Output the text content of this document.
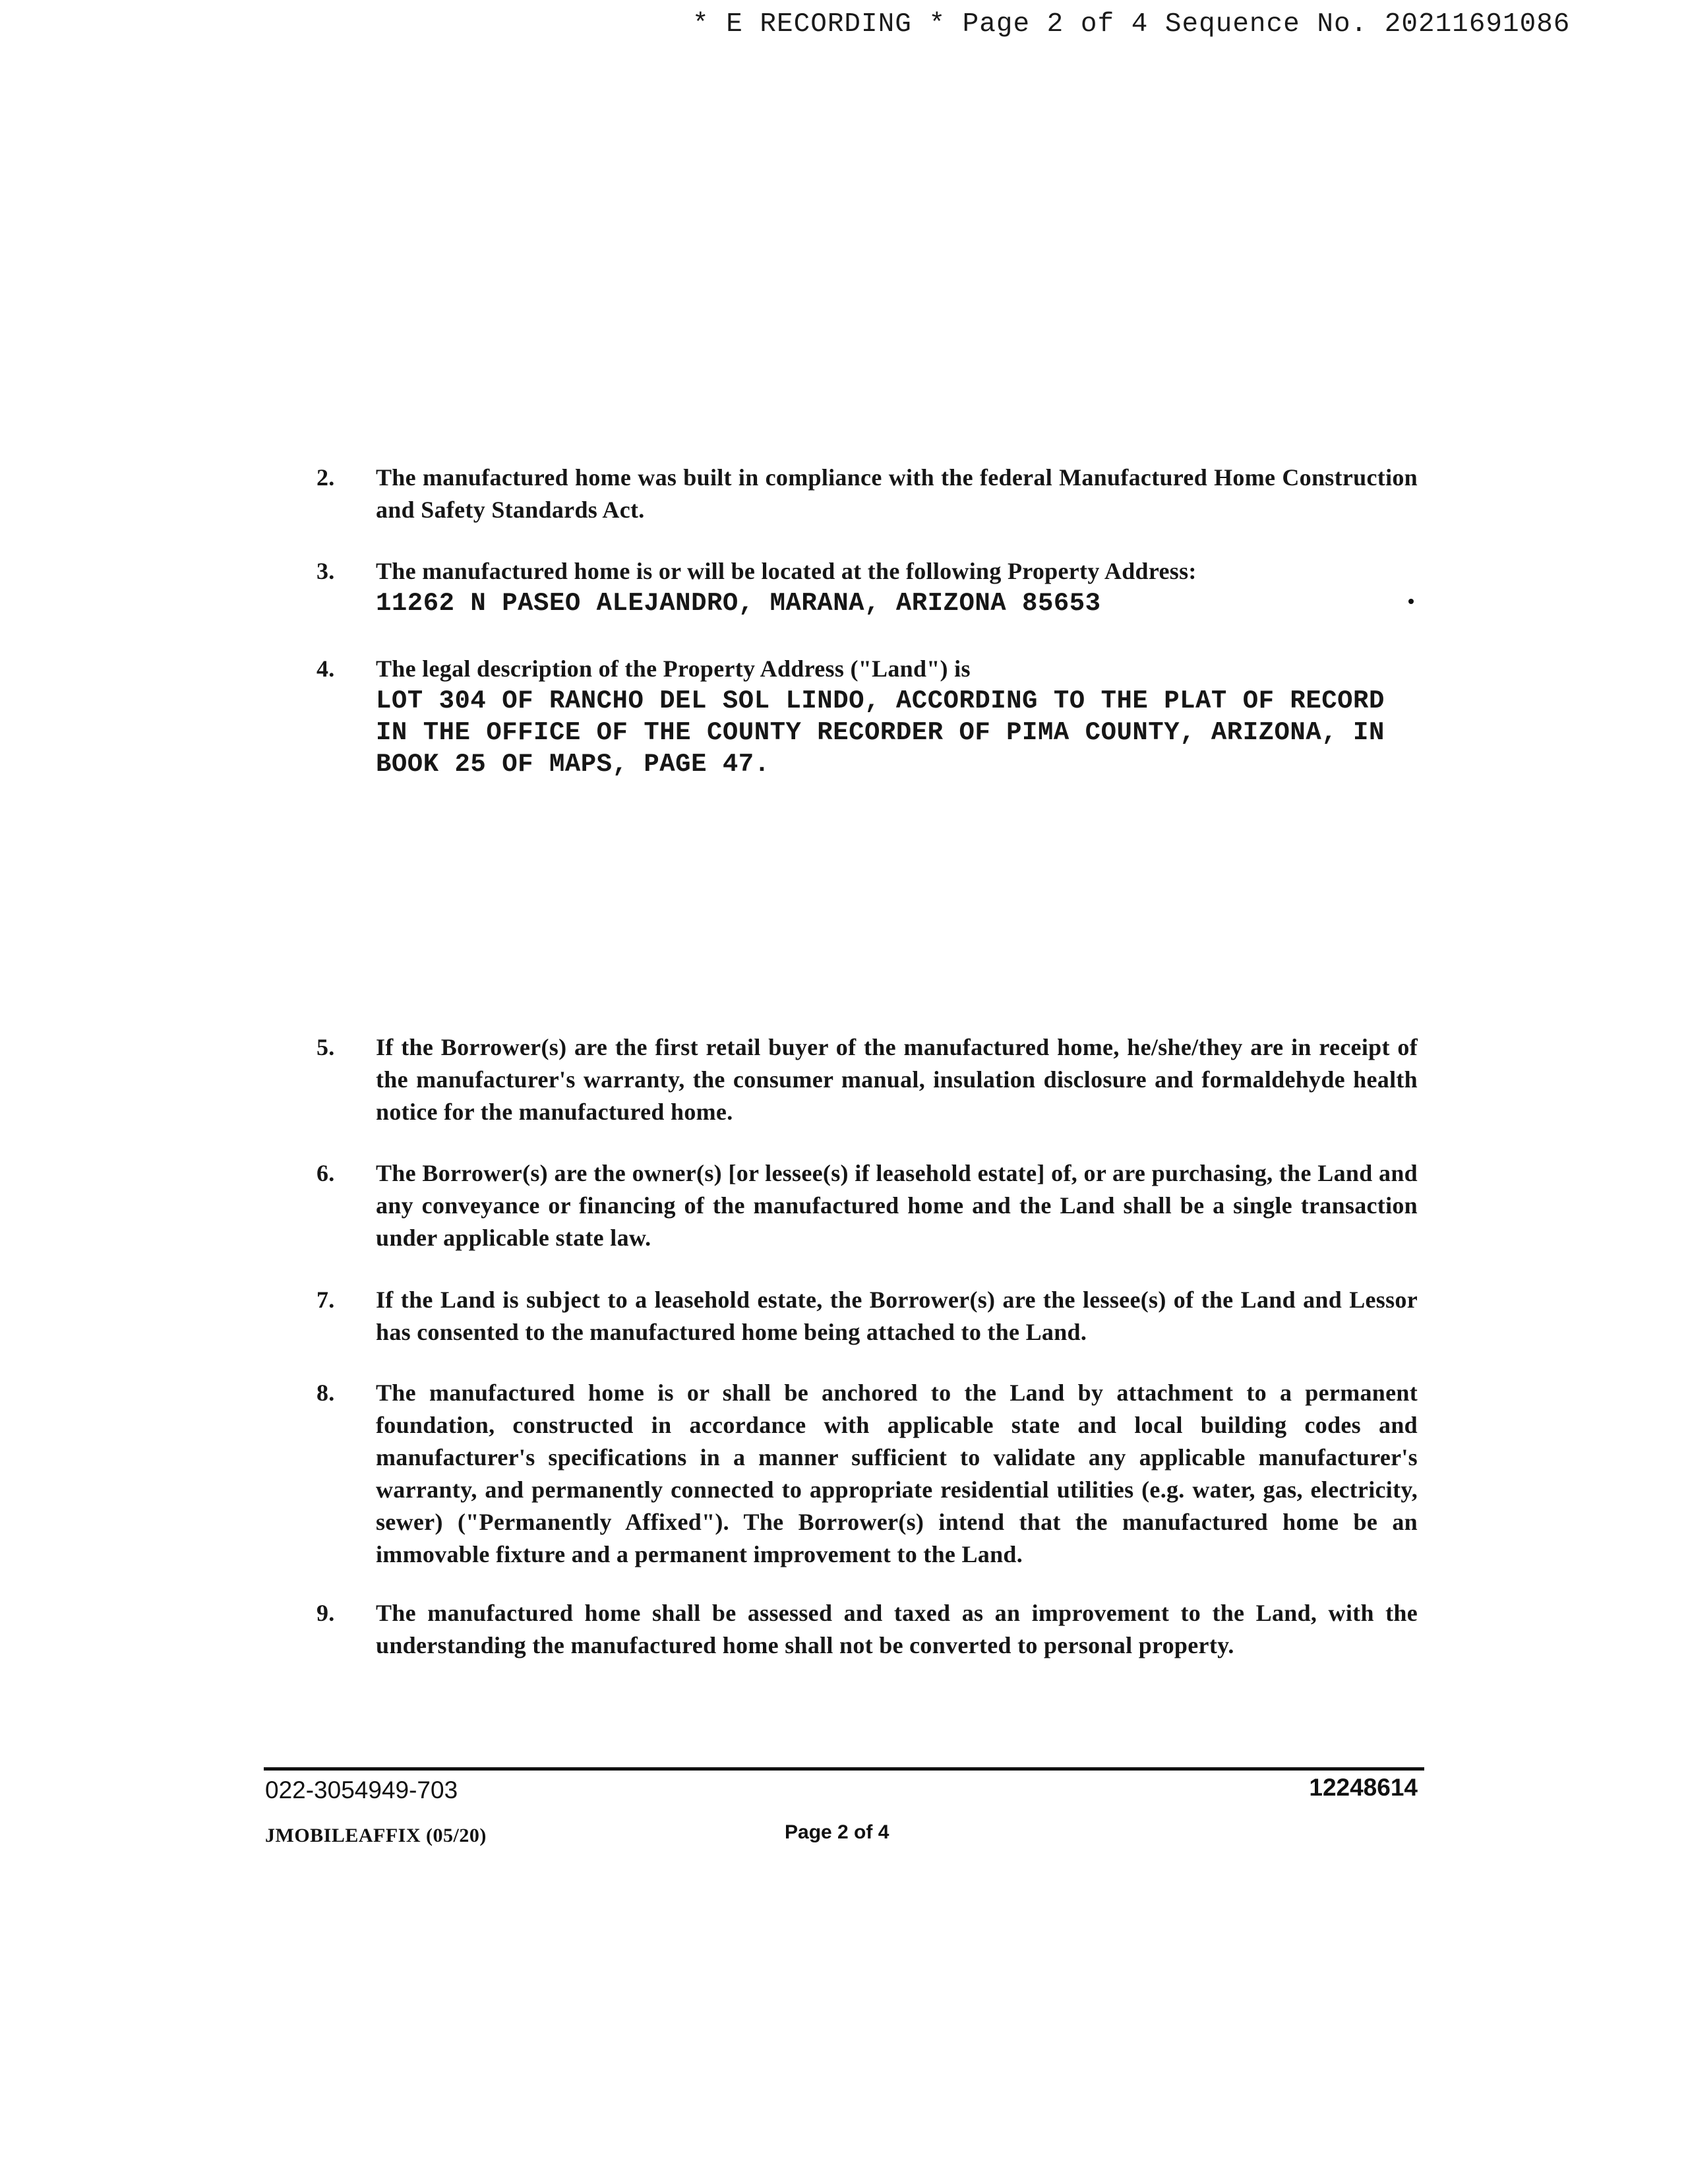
* E RECORDING * Page 2 of 4 Sequence No. 20211691086
2.	The manufactured home was built in compliance with the federal Manufactured Home Construction and Safety Standards Act.
3.	The manufactured home is or will be located at the following Property Address:
11262 N PASEO ALEJANDRO, MARANA, ARIZONA 85653
4.	The legal description of the Property Address ("Land") is
LOT 304 OF RANCHO DEL SOL LINDO, ACCORDING TO THE PLAT OF RECORD
IN THE OFFICE OF THE COUNTY RECORDER OF PIMA COUNTY, ARIZONA, IN
BOOK 25 OF MAPS, PAGE 47.
5.	If the Borrower(s) are the first retail buyer of the manufactured home, he/she/they are in receipt of the manufacturer's warranty, the consumer manual, insulation disclosure and formaldehyde health notice for the manufactured home.
6.	The Borrower(s) are the owner(s) [or lessee(s) if leasehold estate] of, or are purchasing, the Land and any conveyance or financing of the manufactured home and the Land shall be a single transaction under applicable state law.
7.	If the Land is subject to a leasehold estate, the Borrower(s) are the lessee(s) of the Land and Lessor has consented to the manufactured home being attached to the Land.
8.	The manufactured home is or shall be anchored to the Land by attachment to a permanent foundation, constructed in accordance with applicable state and local building codes and manufacturer's specifications in a manner sufficient to validate any applicable manufacturer's warranty, and permanently connected to appropriate residential utilities (e.g. water, gas, electricity, sewer) ("Permanently Affixed"). The Borrower(s) intend that the manufactured home be an immovable fixture and a permanent improvement to the Land.
9.	The manufactured home shall be assessed and taxed as an improvement to the Land, with the understanding the manufactured home shall not be converted to personal property.
022-3054949-703	12248614
JMOBILEAFFIX (05/20)	Page 2 of 4
